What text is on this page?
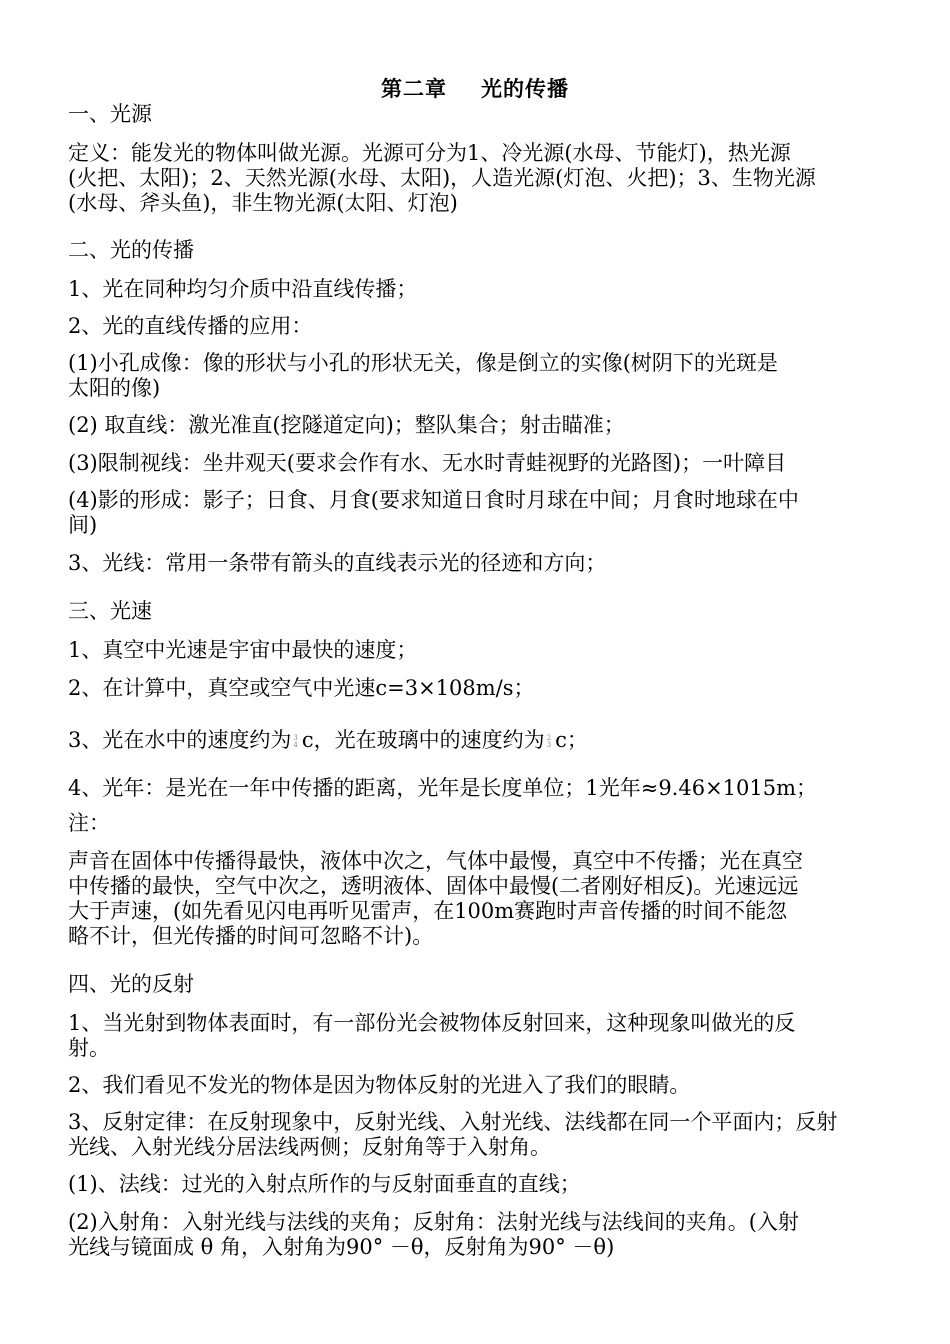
第二章 光的传播
一、光源
定义：能发光的物体叫做光源。光源可分为1、冷光源(水母、节能灯)，热光源
(火把、太阳)；2、天然光源(水母、太阳)，人造光源(灯泡、火把)；3、生物光源
(水母、斧头鱼)，非生物光源(太阳、灯泡)
二、光的传播
1、光在同种均匀介质中沿直线传播；
2、光的直线传播的应用：
(1)小孔成像：像的形状与小孔的形状无关，像是倒立的实像(树阴下的光斑是
太阳的像)
(2) 取直线：激光准直(挖隧道定向)；整队集合；射击瞄准；
(3)限制视线：坐井观天(要求会作有水、无水时青蛙视野的光路图)；一叶障目
(4)影的形成：影子；日食、月食(要求知道日食时月球在中间；月食时地球在中
间)
3、光线：常用一条带有箭头的直线表示光的径迹和方向；
三、光速
1、真空中光速是宇宙中最快的速度；
2、在计算中，真空或空气中光速c=3×108m/s；
3、光在水中的速度约为 3
4 c，光在玻璃中的速度约为 2
3 c；
4、光年：是光在一年中传播的距离，光年是长度单位；1光年≈9.46×1015m；
注：
声音在固体中传播得最快，液体中次之，气体中最慢，真空中不传播；光在真空
中传播的最快，空气中次之，透明液体、固体中最慢(二者刚好相反)。光速远远
大于声速，(如先看见闪电再听见雷声，在100m赛跑时声音传播的时间不能忽
略不计，但光传播的时间可忽略不计)。
四、光的反射
1、当光射到物体表面时，有一部份光会被物体反射回来，这种现象叫做光的反
射。
2、我们看见不发光的物体是因为物体反射的光进入了我们的眼睛。
3、反射定律：在反射现象中，反射光线、入射光线、法线都在同一个平面内；反射
光线、入射光线分居法线两侧；反射角等于入射角。
(1)、法线：过光的入射点所作的与反射面垂直的直线；
(2)入射角：入射光线与法线的夹角；反射角：法射光线与法线间的夹角。(入射
光线与镜面成 θ 角，入射角为90° －θ，反射角为90° －θ)
